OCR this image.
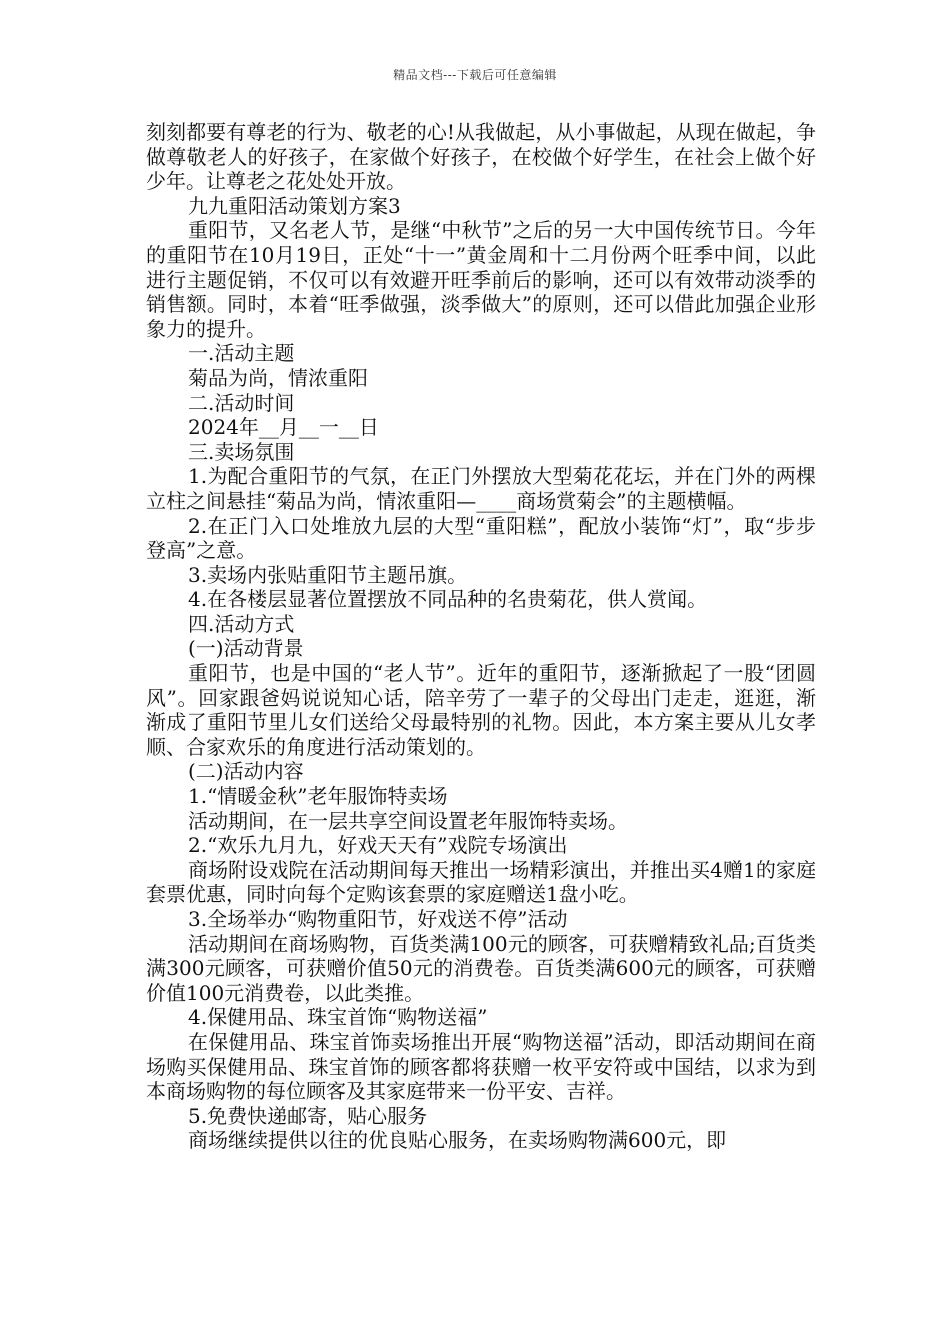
精品文档---下载后可任意编辑

刻刻都要有尊老的行为、敬老的心!从我做起，从小事做起，从现在做起，争做尊敬老人的好孩子，在家做个好孩子，在校做个好学生，在社会上做个好少年。让尊老之花处处开放。

九九重阳活动策划方案3

重阳节，又名老人节，是继“中秋节”之后的另一大中国传统节日。今年的重阳节在10月19日，正处“十一”黄金周和十二月份两个旺季中间，以此进行主题促销，不仅可以有效避开旺季前后的影响，还可以有效带动淡季的销售额。同时，本着“旺季做强，淡季做大”的原则，还可以借此加强企业形象力的提升。

一.活动主题

菊品为尚，情浓重阳

二.活动时间

2024年__月__一__日

三.卖场氛围

1.为配合重阳节的气氛，在正门外摆放大型菊花花坛，并在门外的两棵立柱之间悬挂“菊品为尚，情浓重阳—____商场赏菊会”的主题横幅。

2.在正门入口处堆放九层的大型“重阳糕”，配放小装饰“灯”，取“步步登高”之意。

3.卖场内张贴重阳节主题吊旗。

4.在各楼层显著位置摆放不同品种的名贵菊花，供人赏闻。

四.活动方式

(一)活动背景

重阳节，也是中国的“老人节”。近年的重阳节，逐渐掀起了一股“团圆风”。回家跟爸妈说说知心话，陪辛劳了一辈子的父母出门走走，逛逛，渐渐成了重阳节里儿女们送给父母最特别的礼物。因此，本方案主要从儿女孝顺、合家欢乐的角度进行活动策划的。

(二)活动内容

1.“情暖金秋”老年服饰特卖场

活动期间，在一层共享空间设置老年服饰特卖场。

2.“欢乐九月九，好戏天天有”戏院专场演出

商场附设戏院在活动期间每天推出一场精彩演出，并推出买4赠1的家庭套票优惠，同时向每个定购该套票的家庭赠送1盘小吃。

3.全场举办“购物重阳节，好戏送不停”活动

活动期间在商场购物，百货类满100元的顾客，可获赠精致礼品;百货类满300元顾客，可获赠价值50元的消费卷。百货类满600元的顾客，可获赠价值100元消费卷，以此类推。

4.保健用品、珠宝首饰“购物送福”

在保健用品、珠宝首饰卖场推出开展“购物送福”活动，即活动期间在商场购买保健用品、珠宝首饰的顾客都将获赠一枚平安符或中国结，以求为到本商场购物的每位顾客及其家庭带来一份平安、吉祥。

5.免费快递邮寄，贴心服务

商场继续提供以往的优良贴心服务，在卖场购物满600元，即
